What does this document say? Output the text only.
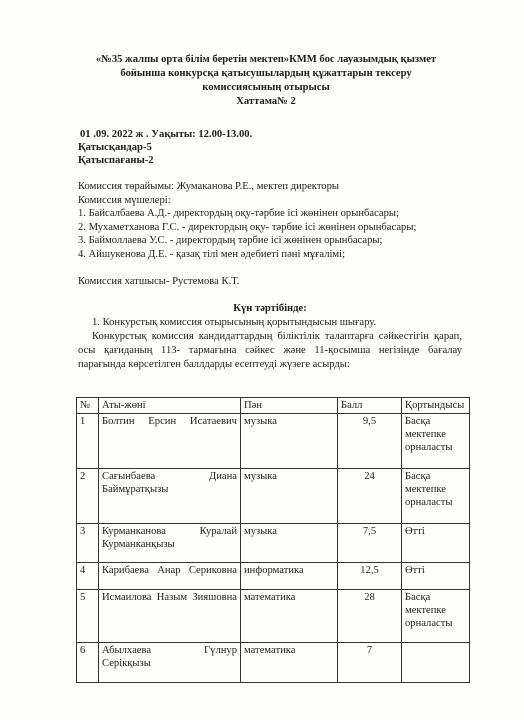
«№35 жалпы орта білім беретін мектеп»КММ бос лауазымдық қызмет
бойынша конкурсқа қатысушылардың құжаттарын тексеру
комиссиясының отырысы
Хаттама№ 2
01 .09. 2022 ж . Уақыты: 12.00-13.00.
Қатысқандар-5
Қатыспағаны-2
Комиссия төрайымы: Жумаканова Р.Е., мектеп директоры
Комиссия мүшелері:
1. Байсалбаева А.Д.- директордың оқу-тәрбие ісі жөнінен орынбасары;
2. Мухаметханова Г.С. - директордың оқу- тәрбие ісі жөнінен орынбасары;
3. Баймоллаева У.С. - директордың тәрбие ісі жөнінен орынбасары;
4. Айшукенова Д.Е. - қазақ тілі мен әдебиеті пәні мұғалімі;
Комиссия хатшысы- Рустемова К.Т.
Күн тәртібінде:
1. Конкурстық комиссия отырысының қорытындысын шығару.
Конкурстық комиссия кандидаттардың біліктілік талаптарға сәйкестігін қарап, осы қағиданың 113- тармағына сәйкес және 11-қосымша негізінде бағалау парағында көрсетілген баллдарды есептеуді жүзеге асырды:
№	Аты-жөні	Пән	Балл	Қортындысы
1	Болтин Ерсин Исатаевич	музыка	9,5	Басқа мектепке орналасты
2	Сағынбаева Диана Баймұратқызы	музыка	24	Басқа мектепке орналасты
3	Курманканова Куралай Курманканқызы	музыка	7,5	Өтті
4	Карибаева Анар Сериковна	информатика	12,5	Өтті
5	Исмаилова Назым Зияшовна	математика	28	Басқа мектепке орналасты
6	Абылхаева Гүлнур Серікқызы	математика	7	
